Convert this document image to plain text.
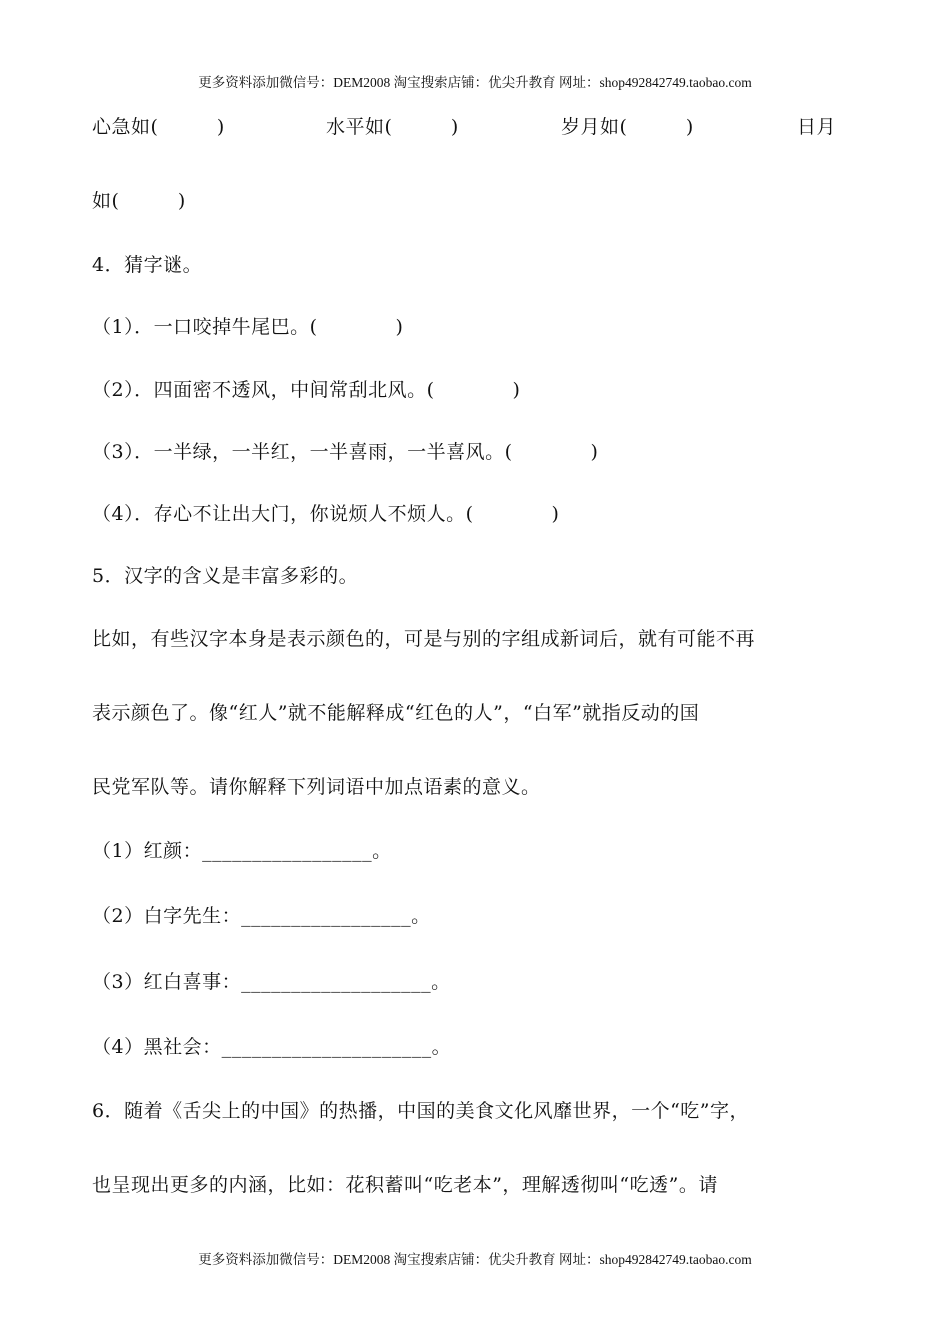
更多资料添加微信号：DEM2008 淘宝搜索店铺：优尖升教育 网址：shop492842749.taobao.com
心急如(　　　)	水平如(　　　)	岁月如(　　　)	日月
如(　　　)
4．猜字谜。
（1）．一口咬掉牛尾巴。(　　　　)
（2）．四面密不透风，中间常刮北风。(　　　　)
（3）．一半绿，一半红，一半喜雨，一半喜风。(　　　　)
（4）．存心不让出大门，你说烦人不烦人。(　　　　)
5．汉字的含义是丰富多彩的。
比如，有些汉字本身是表示颜色的，可是与别的字组成新词后，就有可能不再
表示颜色了。像“红人”就不能解释成“红色的人”，“白军”就指反动的国
民党军队等。请你解释下列词语中加点语素的意义。
（1）红颜：_________________。
（2）白字先生：_________________。
（3）红白喜事：___________________。
（4）黑社会：_____________________。
6．随着《舌尖上的中国》的热播，中国的美食文化风靡世界，一个“吃”字，
也呈现出更多的内涵，比如：花积蓄叫“吃老本”，理解透彻叫“吃透”。请
更多资料添加微信号：DEM2008 淘宝搜索店铺：优尖升教育 网址：shop492842749.taobao.com
